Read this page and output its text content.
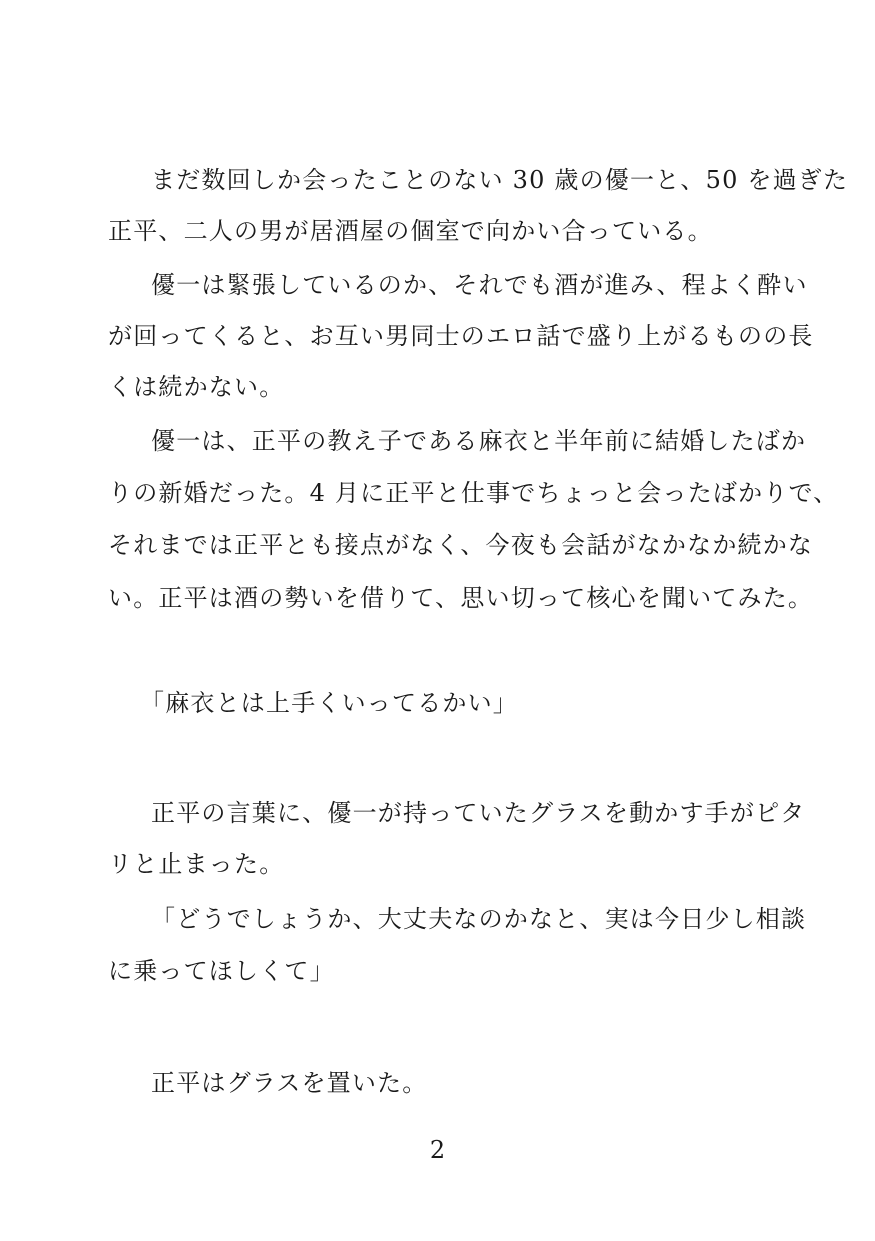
まだ数回しか会ったことのない 30 歳の優一と、50 を過ぎた
正平、二人の男が居酒屋の個室で向かい合っている。
優一は緊張しているのか、それでも酒が進み、程よく酔い
が回ってくると、お互い男同士のエロ話で盛り上がるものの長
くは続かない。
優一は、正平の教え子である麻衣と半年前に結婚したばか
りの新婚だった。4 月に正平と仕事でちょっと会ったばかりで、
それまでは正平とも接点がなく、今夜も会話がなかなか続かな
い。正平は酒の勢いを借りて、思い切って核心を聞いてみた。
「麻衣とは上手くいってるかい」
正平の言葉に、優一が持っていたグラスを動かす手がピタ
リと止まった。
「どうでしょうか、大丈夫なのかなと、実は今日少し相談
に乗ってほしくて」
正平はグラスを置いた。
2
